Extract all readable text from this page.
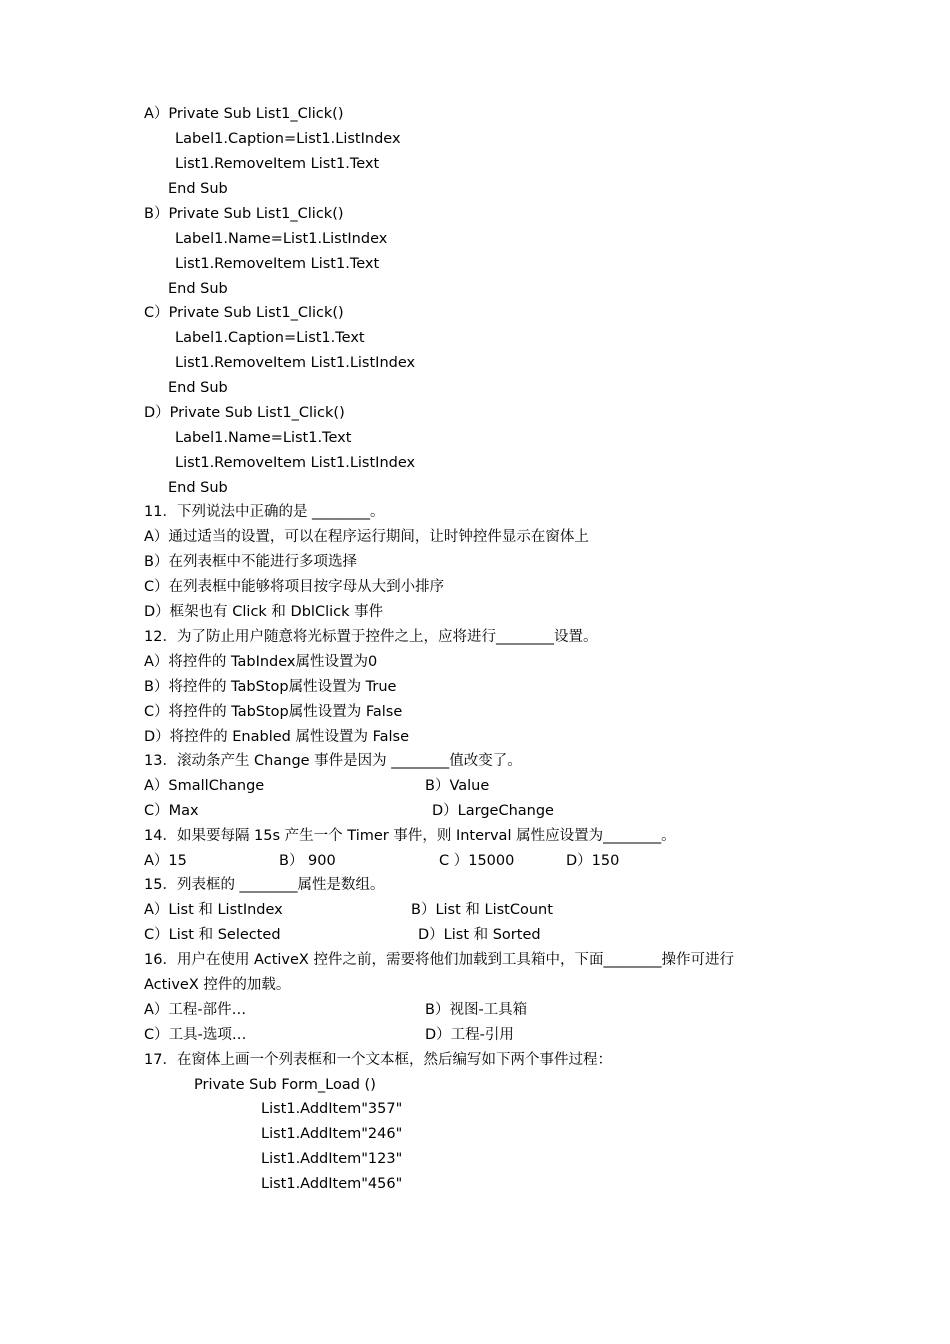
A）Private Sub List1_Click()
Label1.Caption=List1.ListIndex
List1.RemoveItem List1.Text
End Sub
B）Private Sub List1_Click()
Label1.Name=List1.ListIndex
List1.RemoveItem List1.Text
End Sub
C）Private Sub List1_Click()
Label1.Caption=List1.Text
List1.RemoveItem List1.ListIndex
End Sub
D）Private Sub List1_Click()
Label1.Name=List1.Text
List1.RemoveItem List1.ListIndex
End Sub
11．下列说法中正确的是 ________。
A）通过适当的设置，可以在程序运行期间，让时钟控件显示在窗体上
B）在列表框中不能进行多项选择
C）在列表框中能够将项目按字母从大到小排序
D）框架也有 Click 和 DblClick 事件
12．为了防止用户随意将光标置于控件之上，应将进行________设置。
A）将控件的 TabIndex属性设置为0
B）将控件的 TabStop属性设置为 True
C）将控件的 TabStop属性设置为 False
D）将控件的 Enabled 属性设置为 False
13．滚动条产生 Change 事件是因为 ________值改变了。
A）SmallChange	B）Value
C）Max	D）LargeChange
14．如果要每隔 15s 产生一个 Timer 事件，则 Interval 属性应设置为________。
A）15	B） 900	C ）15000	D）150
15．列表框的 ________属性是数组。
A）List 和 ListIndex	B）List 和 ListCount
C）List 和 Selected	D）List 和 Sorted
16．用户在使用 ActiveX 控件之前，需要将他们加载到工具箱中，下面________操作可进行
ActiveX 控件的加载。
A）工程-部件…	B）视图-工具箱
C）工具-选项…	D）工程-引用
17．在窗体上画一个列表框和一个文本框，然后编写如下两个事件过程：
Private Sub Form_Load ()
List1.AddItem"357"
List1.AddItem"246"
List1.AddItem"123"
List1.AddItem"456"
